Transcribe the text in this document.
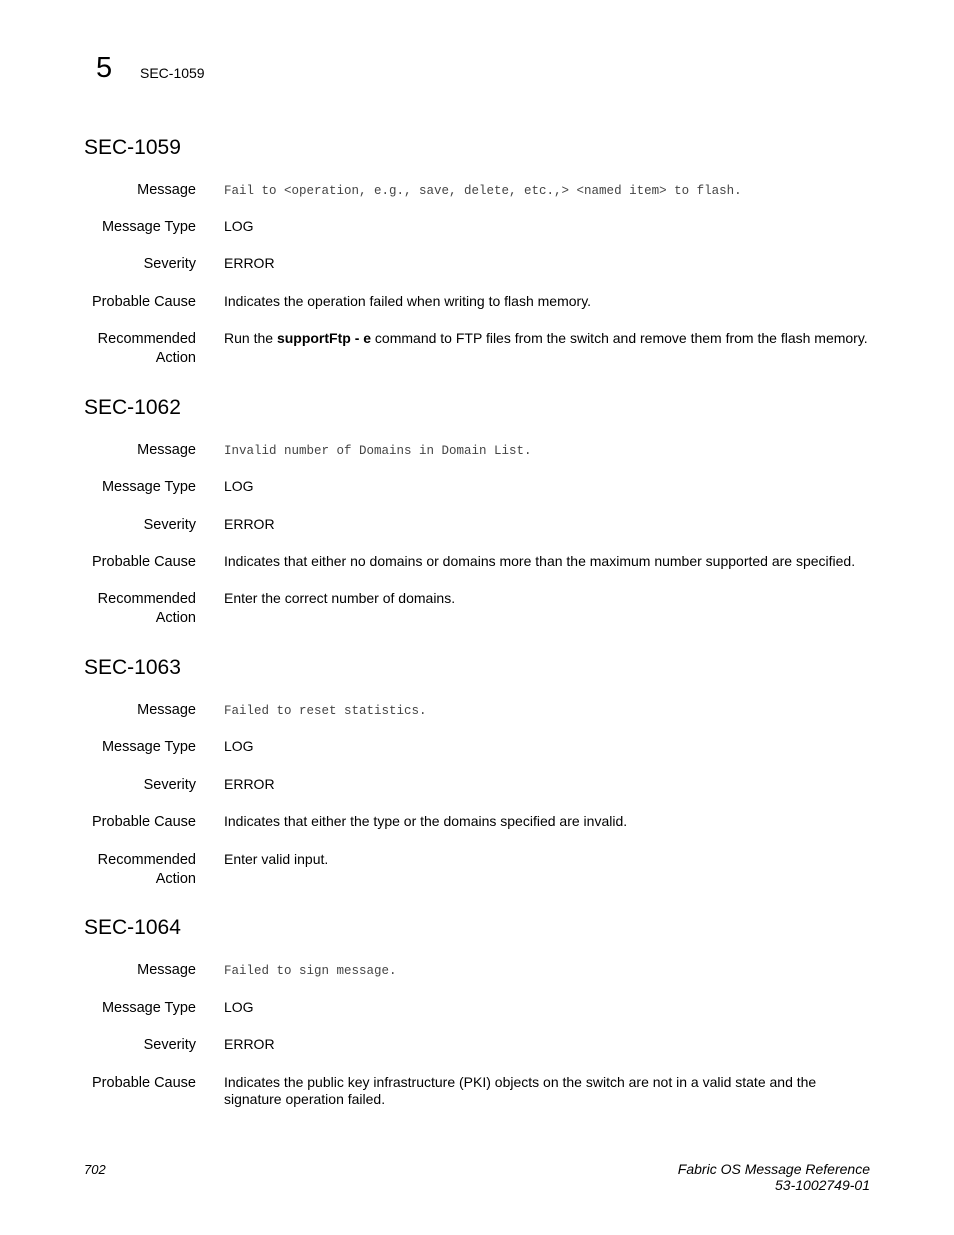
5 SEC-1059
SEC-1059
Message Fail to <operation, e.g., save, delete, etc.,> <named item> to flash.
Message Type LOG
Severity ERROR
Probable Cause Indicates the operation failed when writing to flash memory.
Recommended
Action
Run the supportFtp - e command to FTP files from the switch and remove them from the flash memory.
SEC-1062
Message Invalid number of Domains in Domain List.
Message Type LOG
Severity ERROR
Probable Cause Indicates that either no domains or domains more than the maximum number supported are specified.
Recommended
Action
Enter the correct number of domains.
SEC-1063
Message Failed to reset statistics.
Message Type LOG
Severity ERROR
Probable Cause Indicates that either the type or the domains specified are invalid.
Recommended
Action
Enter valid input.
SEC-1064
Message Failed to sign message.
Message Type LOG
Severity ERROR
Probable Cause Indicates the public key infrastructure (PKI) objects on the switch are not in a valid state and the
signature operation failed.
702	Fabric OS Message Reference
53-1002749-01
